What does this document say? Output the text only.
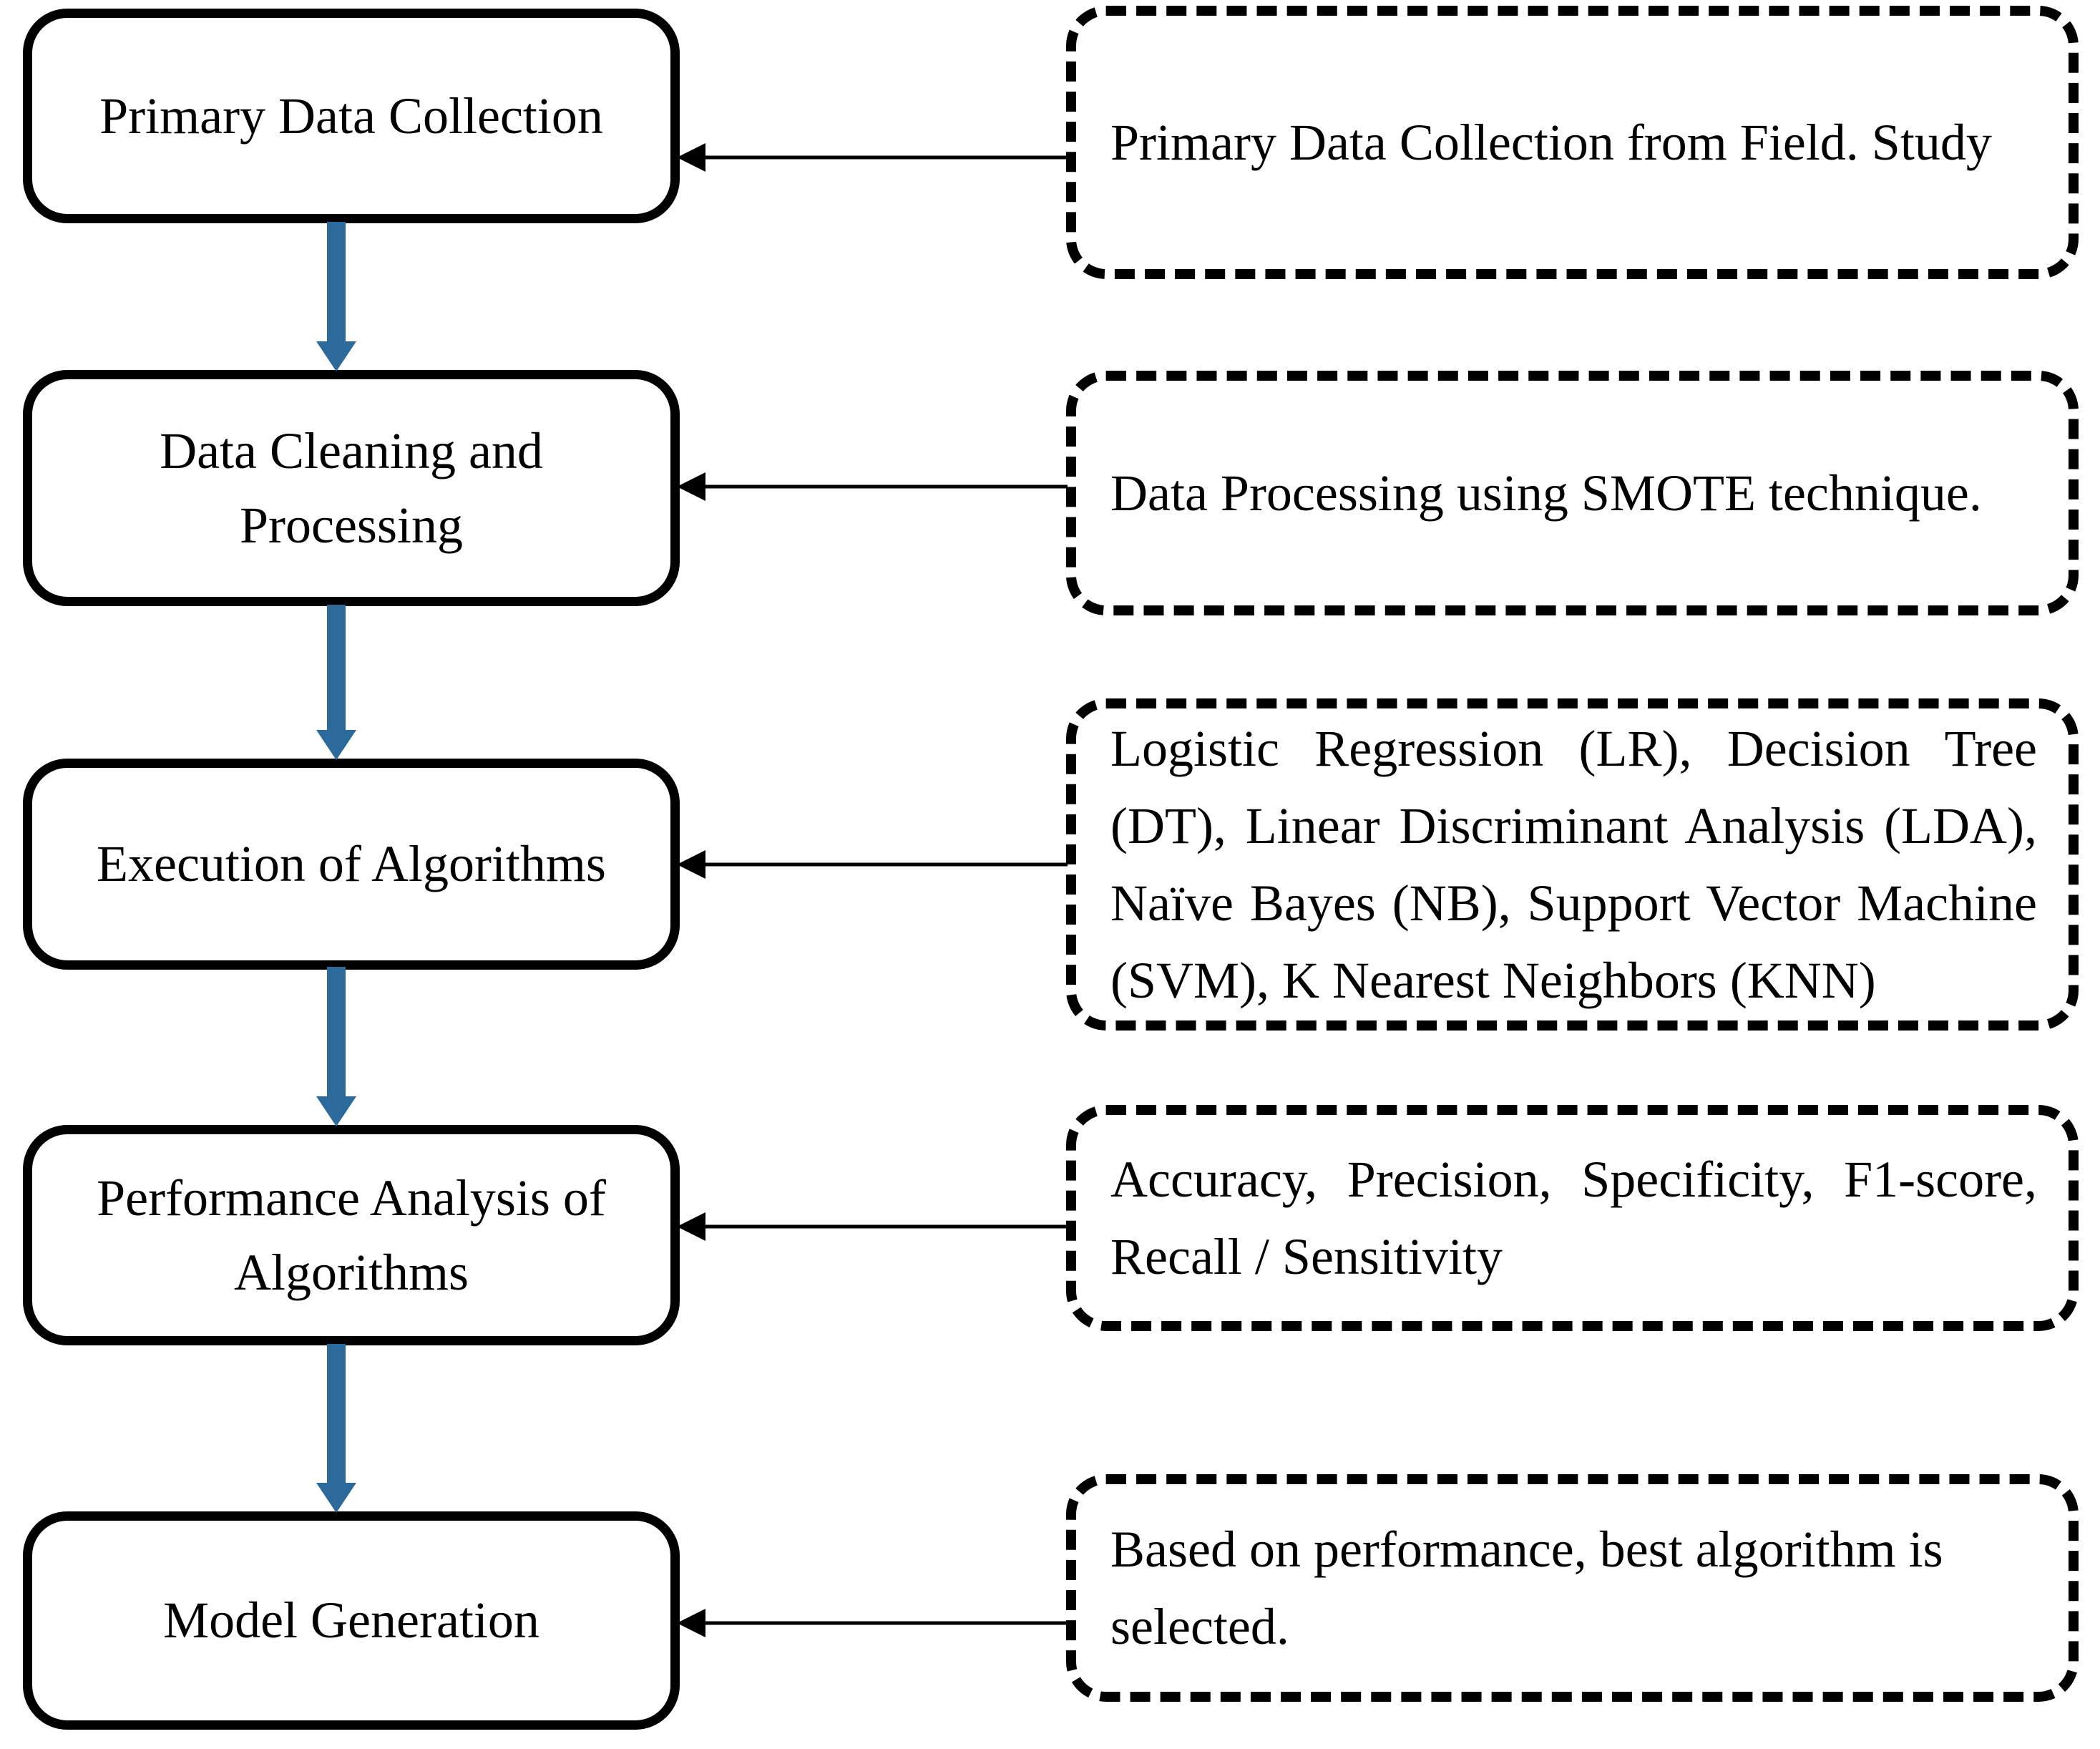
Primary Data Collection
Data Cleaning and Processing
Execution of Algorithms
Performance Analysis of Algorithms
Model Generation
Primary Data Collection from Field. Study
Data Processing using SMOTE technique.
Logistic Regression (LR), Decision Tree (DT), Linear Discriminant Analysis (LDA), Naïve Bayes (NB), Support Vector Machine (SVM), K Nearest Neighbors (KNN)
Accuracy, Precision, Specificity, F1-score, Recall / Sensitivity
Based on performance, best algorithm is selected.
